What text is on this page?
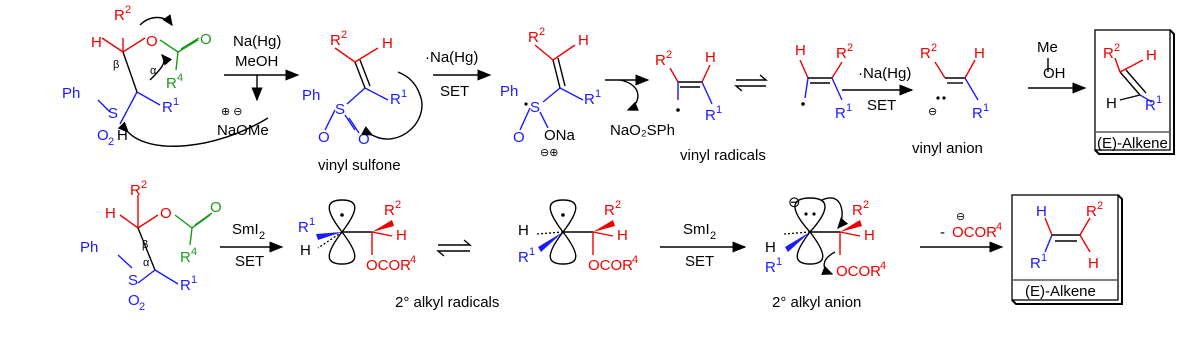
R 2
H	O	O
β	α
R 4
Ph
S
O 2 H
R 1
Na(Hg)
MeOH
⊕ ⊖
NaOMe
R 2 H
Ph
S
O O
R 1
vinyl sulfone
·Na(Hg)
SET
R 2 H
Ph
S
O ONa
⊖⊕
R 1
NaO₂SPh
R 2 H
R 1
H R 2
R 1
vinyl radicals
·Na(Hg)
SET
R 2 H
R 1
⊖
vinyl anion
Me
OH
R 2 H
H R 1
(E)-Alkene
R 2
H	O	O
β
α R 4
Ph
S
O 2
R 1
SmI 2
SET
R 1
H
R 2
H
OCOR 4
H
R 1
R 2
H
OCOR 4
2° alkyl radicals
SmI 2
SET
⊖
H
R 1
R 2
H
OCOR 4
2° alkyl anion
⊖
- OCOR 4
H	R 2
R 1	H
(E)-Alkene
